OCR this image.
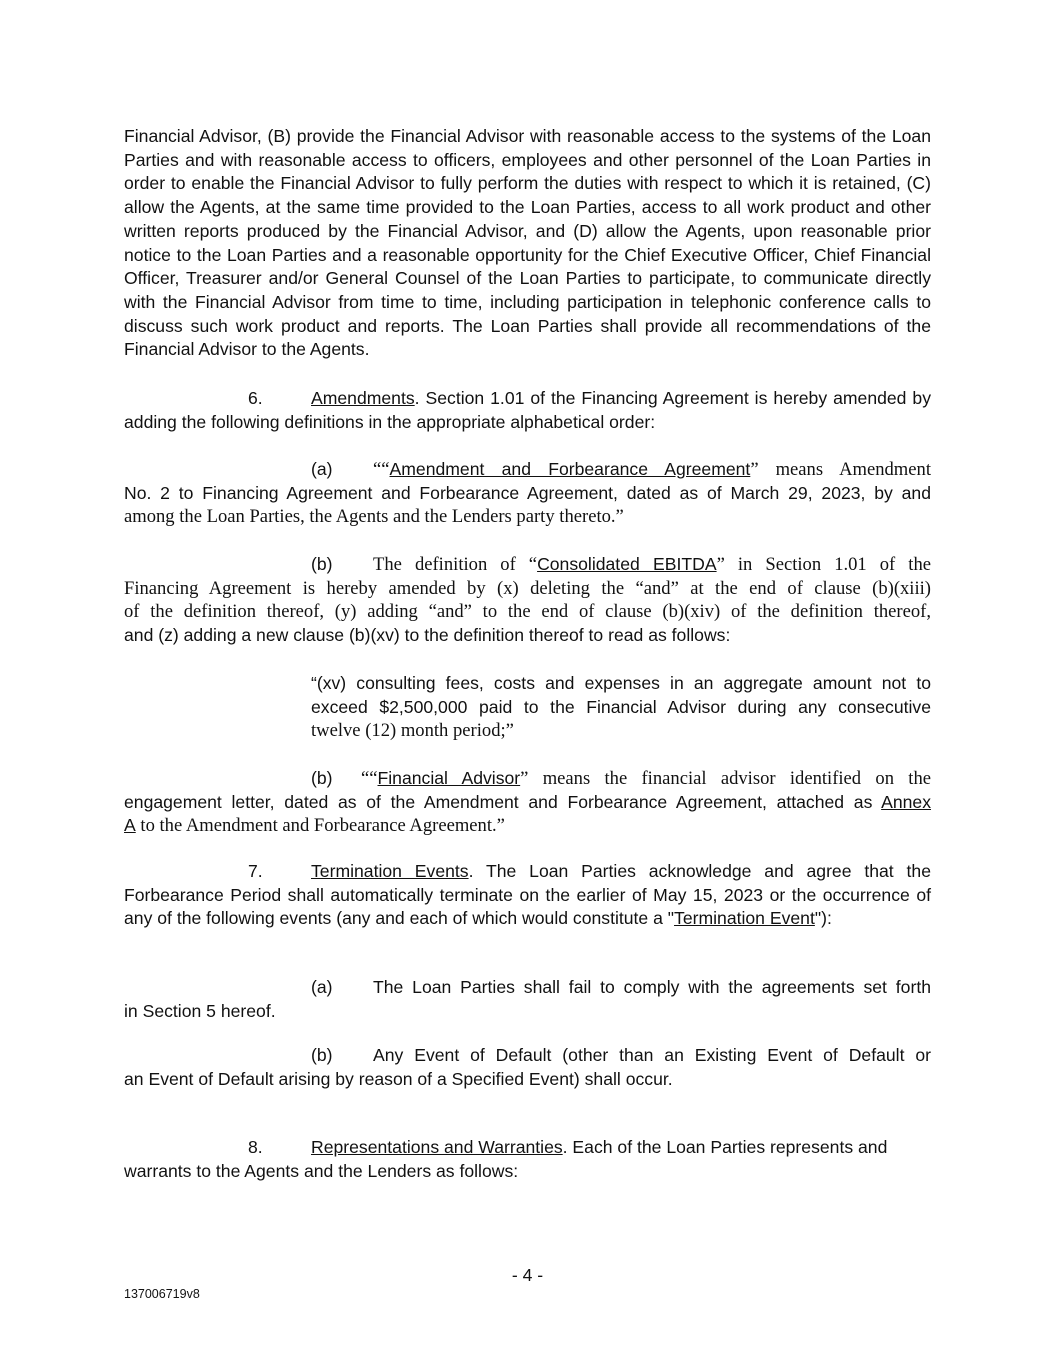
Financial Advisor, (B) provide the Financial Advisor with reasonable access to the systems of the Loan Parties and with reasonable access to officers, employees and other personnel of the Loan Parties in order to enable the Financial Advisor to fully perform the duties with respect to which it is retained, (C) allow the Agents, at the same time provided to the Loan Parties, access to all work product and other written reports produced by the Financial Advisor, and (D) allow the Agents, upon reasonable prior notice to the Loan Parties and a reasonable opportunity for the Chief Executive Officer, Chief Financial Officer, Treasurer and/or General Counsel of the Loan Parties to participate, to communicate directly with the Financial Advisor from time to time, including participation in telephonic conference calls to discuss such work product and reports. The Loan Parties shall provide all recommendations of the Financial Advisor to the Agents.
6.	Amendments. Section 1.01 of the Financing Agreement is hereby amended by adding the following definitions in the appropriate alphabetical order:
(a) ““Amendment and Forbearance Agreement” means Amendment
No. 2 to Financing Agreement and Forbearance Agreement, dated as of March 29, 2023, by and
among the Loan Parties, the Agents and the Lenders party thereto.”
(b) The definition of “Consolidated EBITDA” in Section 1.01 of the
Financing Agreement is hereby amended by (x) deleting the “and” at the end of clause (b)(xiii)
of the definition thereof, (y) adding “and” to the end of clause (b)(xiv) of the definition thereof,
and (z) adding a new clause (b)(xv) to the definition thereof to read as follows:
“(xv) consulting fees, costs and expenses in an aggregate amount not to
exceed $2,500,000 paid to the Financial Advisor during any consecutive
twelve (12) month period;”
(b) ““Financial Advisor” means the financial advisor identified on the
engagement letter, dated as of the Amendment and Forbearance Agreement, attached as Annex
A to the Amendment and Forbearance Agreement.”
7.	Termination Events. The Loan Parties acknowledge and agree that the Forbearance Period shall automatically terminate on the earlier of May 15, 2023 or the occurrence of any of the following events (any and each of which would constitute a "Termination Event"):
(a) The Loan Parties shall fail to comply with the agreements set forth
in Section 5 hereof.
(b) Any Event of Default (other than an Existing Event of Default or
an Event of Default arising by reason of a Specified Event) shall occur.
8.	Representations and Warranties. Each of the Loan Parties represents and
warrants to the Agents and the Lenders as follows:
- 4 -
137006719v8
